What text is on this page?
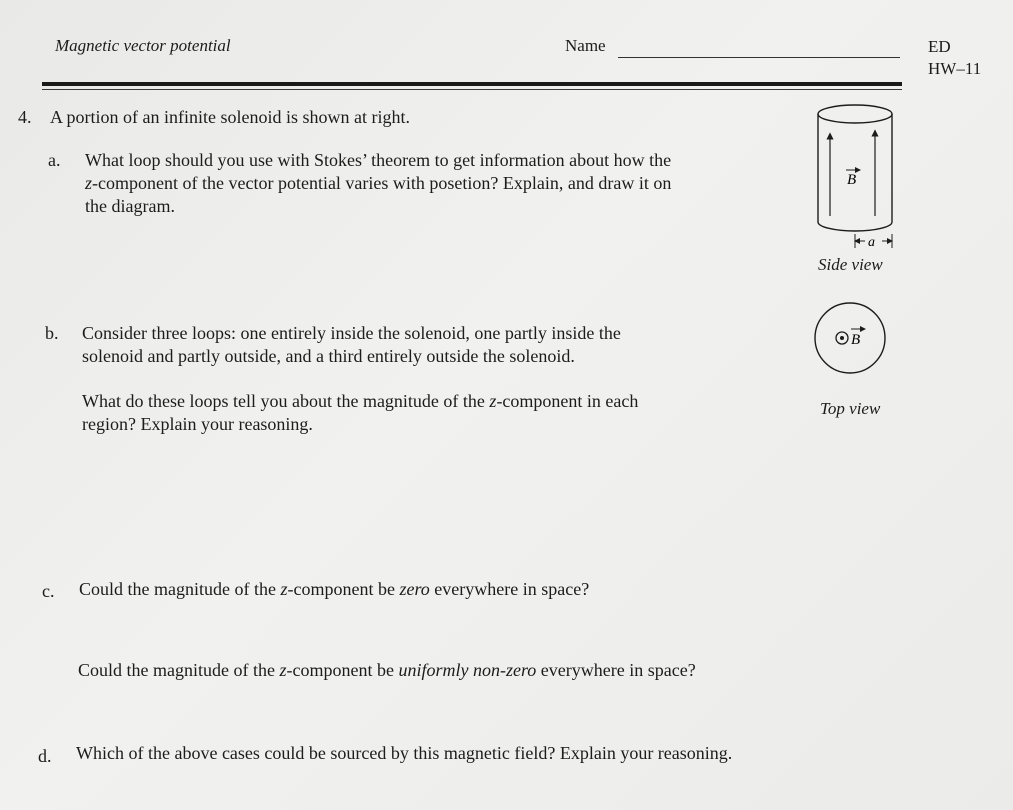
Magnetic vector potential	Name	ED
HW–11
4. A portion of an infinite solenoid is shown at right.
a. What loop should you use with Stokes’ theorem to get information about how the
z-component of the vector potential varies with posetion? Explain, and draw it on
the diagram.
b. Consider three loops: one entirely inside the solenoid, one partly inside the
solenoid and partly outside, and a third entirely outside the solenoid.
What do these loops tell you about the magnitude of the z-component in each
region? Explain your reasoning.
c. Could the magnitude of the z-component be zero everywhere in space?
Could the magnitude of the z-component be uniformly non-zero everywhere in space?
d. Which of the above cases could be sourced by this magnetic field? Explain your reasoning.
B
a
Side view
B
Top view
